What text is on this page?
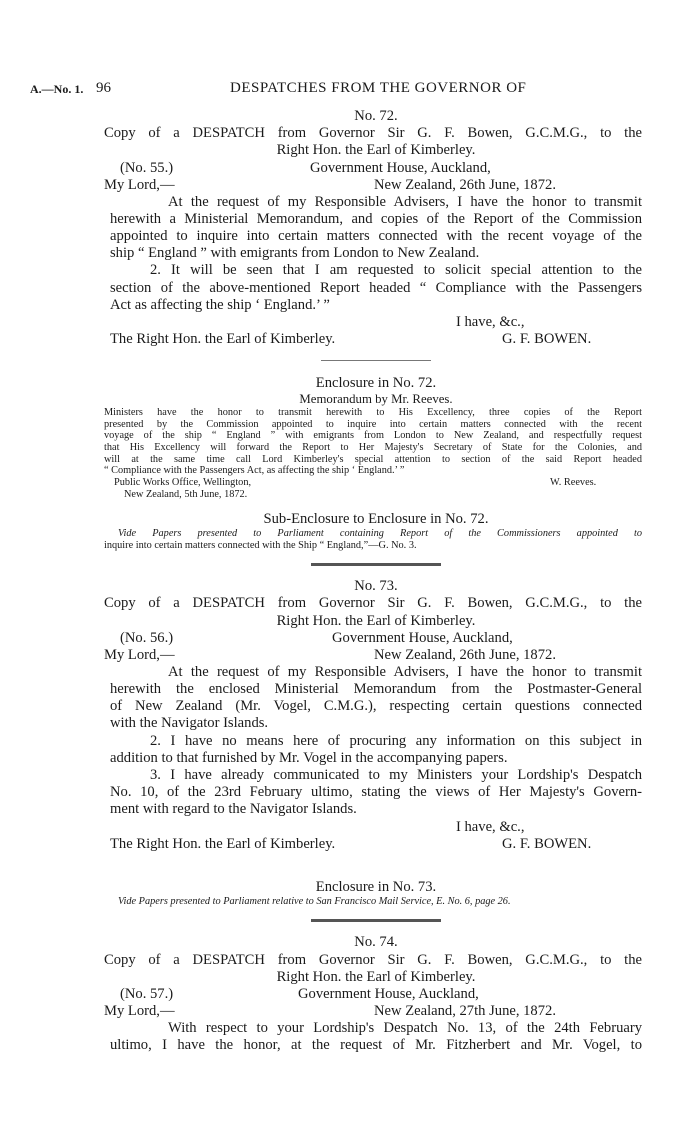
A.—No. 1. 96	DESPATCHES FROM THE GOVERNOR OF
No. 72.
Copy of a DESPATCH from Governor Sir G. F. Bowen, G.C.M.G., to the
Right Hon. the Earl of Kimberley.
(No. 55.)	Government House, Auckland,
My Lord,—	New Zealand, 26th June, 1872.
At the request of my Responsible Advisers, I have the honor to transmit
herewith a Ministerial Memorandum, and copies of the Report of the Commission
appointed to inquire into certain matters connected with the recent voyage of the
ship “ England ” with emigrants from London to New Zealand.
2. It will be seen that I am requested to solicit special attention to the
section of the above-mentioned Report headed “ Compliance with the Passengers
Act as affecting the ship ‘ England.’ ”
I have, &c.,
The Right Hon. the Earl of Kimberley.	G. F. BOWEN.
Enclosure in No. 72.
Memorandum by Mr. Reeves.
Ministers have the honor to transmit herewith to His Excellency, three copies of the Report
presented by the Commission appointed to inquire into certain matters connected with the recent
voyage of the ship “ England ” with emigrants from London to New Zealand, and respectfully request
that His Excellency will forward the Report to Her Majesty's Secretary of State for the Colonies, and
will at the same time call Lord Kimberley's special attention to section of the said Report headed
“ Compliance with the Passengers Act, as affecting the ship ‘ England.’ ”
Public Works Office, Wellington,	W. Reeves.
New Zealand, 5th June, 1872.
Sub-Enclosure to Enclosure in No. 72.
Vide Papers presented to Parliament containing Report of the Commissioners appointed to
inquire into certain matters connected with the Ship “ England,”—G. No. 3.
No. 73.
Copy of a DESPATCH from Governor Sir G. F. Bowen, G.C.M.G., to the
Right Hon. the Earl of Kimberley.
(No. 56.)	Government House, Auckland,
My Lord,—	New Zealand, 26th June, 1872.
At the request of my Responsible Advisers, I have the honor to transmit
herewith the enclosed Ministerial Memorandum from the Postmaster-General
of New Zealand (Mr. Vogel, C.M.G.), respecting certain questions connected
with the Navigator Islands.
2. I have no means here of procuring any information on this subject in
addition to that furnished by Mr. Vogel in the accompanying papers.
3. I have already communicated to my Ministers your Lordship's Despatch
No. 10, of the 23rd February ultimo, stating the views of Her Majesty's Govern-
ment with regard to the Navigator Islands.
I have, &c.,
The Right Hon. the Earl of Kimberley.	G. F. BOWEN.
Enclosure in No. 73.
Vide Papers presented to Parliament relative to San Francisco Mail Service, E. No. 6, page 26.
No. 74.
Copy of a DESPATCH from Governor Sir G. F. Bowen, G.C.M.G., to the
Right Hon. the Earl of Kimberley.
(No. 57.)	Government House, Auckland,
My Lord,—	New Zealand, 27th June, 1872.
With respect to your Lordship's Despatch No. 13, of the 24th February
ultimo, I have the honor, at the request of Mr. Fitzherbert and Mr. Vogel, to
